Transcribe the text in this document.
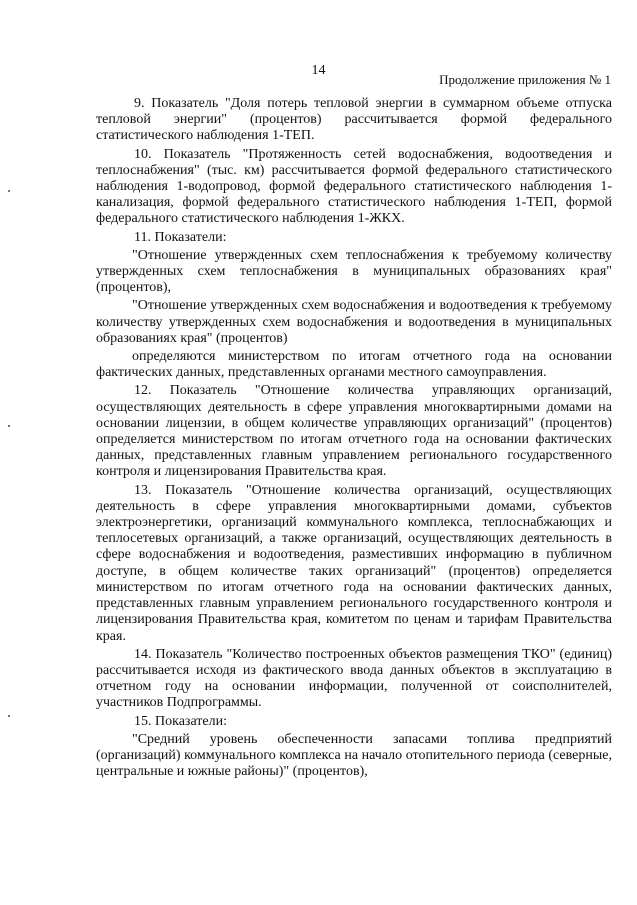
14
Продолжение приложения № 1

9. Показатель "Доля потерь тепловой энергии в суммарном объеме отпуска тепловой энергии" (процентов) рассчитывается формой федерального статистического наблюдения 1-ТЕП.

10. Показатель "Протяженность сетей водоснабжения, водоотведения и теплоснабжения" (тыс. км) рассчитывается формой федерального статистического наблюдения 1-водопровод, формой федерального статистического наблюдения 1-канализация, формой федерального статистического наблюдения 1-ТЕП, формой федерального статистического наблюдения 1-ЖКХ.

11. Показатели:

"Отношение утвержденных схем теплоснабжения к требуемому количеству утвержденных схем теплоснабжения в муниципальных образованиях края" (процентов),

"Отношение утвержденных схем водоснабжения и водоотведения к требуемому количеству утвержденных схем водоснабжения и водоотведения в муниципальных образованиях края" (процентов)

определяются министерством по итогам отчетного года на основании фактических данных, представленных органами местного самоуправления.

12. Показатель "Отношение количества управляющих организаций, осуществляющих деятельность в сфере управления многоквартирными домами на основании лицензии, в общем количестве управляющих организаций" (процентов) определяется министерством по итогам отчетного года на основании фактических данных, представленных главным управлением регионального государственного контроля и лицензирования Правительства края.

13. Показатель "Отношение количества организаций, осуществляющих деятельность в сфере управления многоквартирными домами, субъектов электроэнергетики, организаций коммунального комплекса, теплоснабжающих и теплосетевых организаций, а также организаций, осуществляющих деятельность в сфере водоснабжения и водоотведения, разместивших информацию в публичном доступе, в общем количестве таких организаций" (процентов) определяется министерством по итогам отчетного года на основании фактических данных, представленных главным управлением регионального государственного контроля и лицензирования Правительства края, комитетом по ценам и тарифам Правительства края.

14. Показатель "Количество построенных объектов размещения ТКО" (единиц) рассчитывается исходя из фактического ввода данных объектов в эксплуатацию в отчетном году на основании информации, полученной от соисполнителей, участников Подпрограммы.

15. Показатели:

"Средний уровень обеспеченности запасами топлива предприятий (организаций) коммунального комплекса на начало отопительного периода (северные, центральные и южные районы)" (процентов),
